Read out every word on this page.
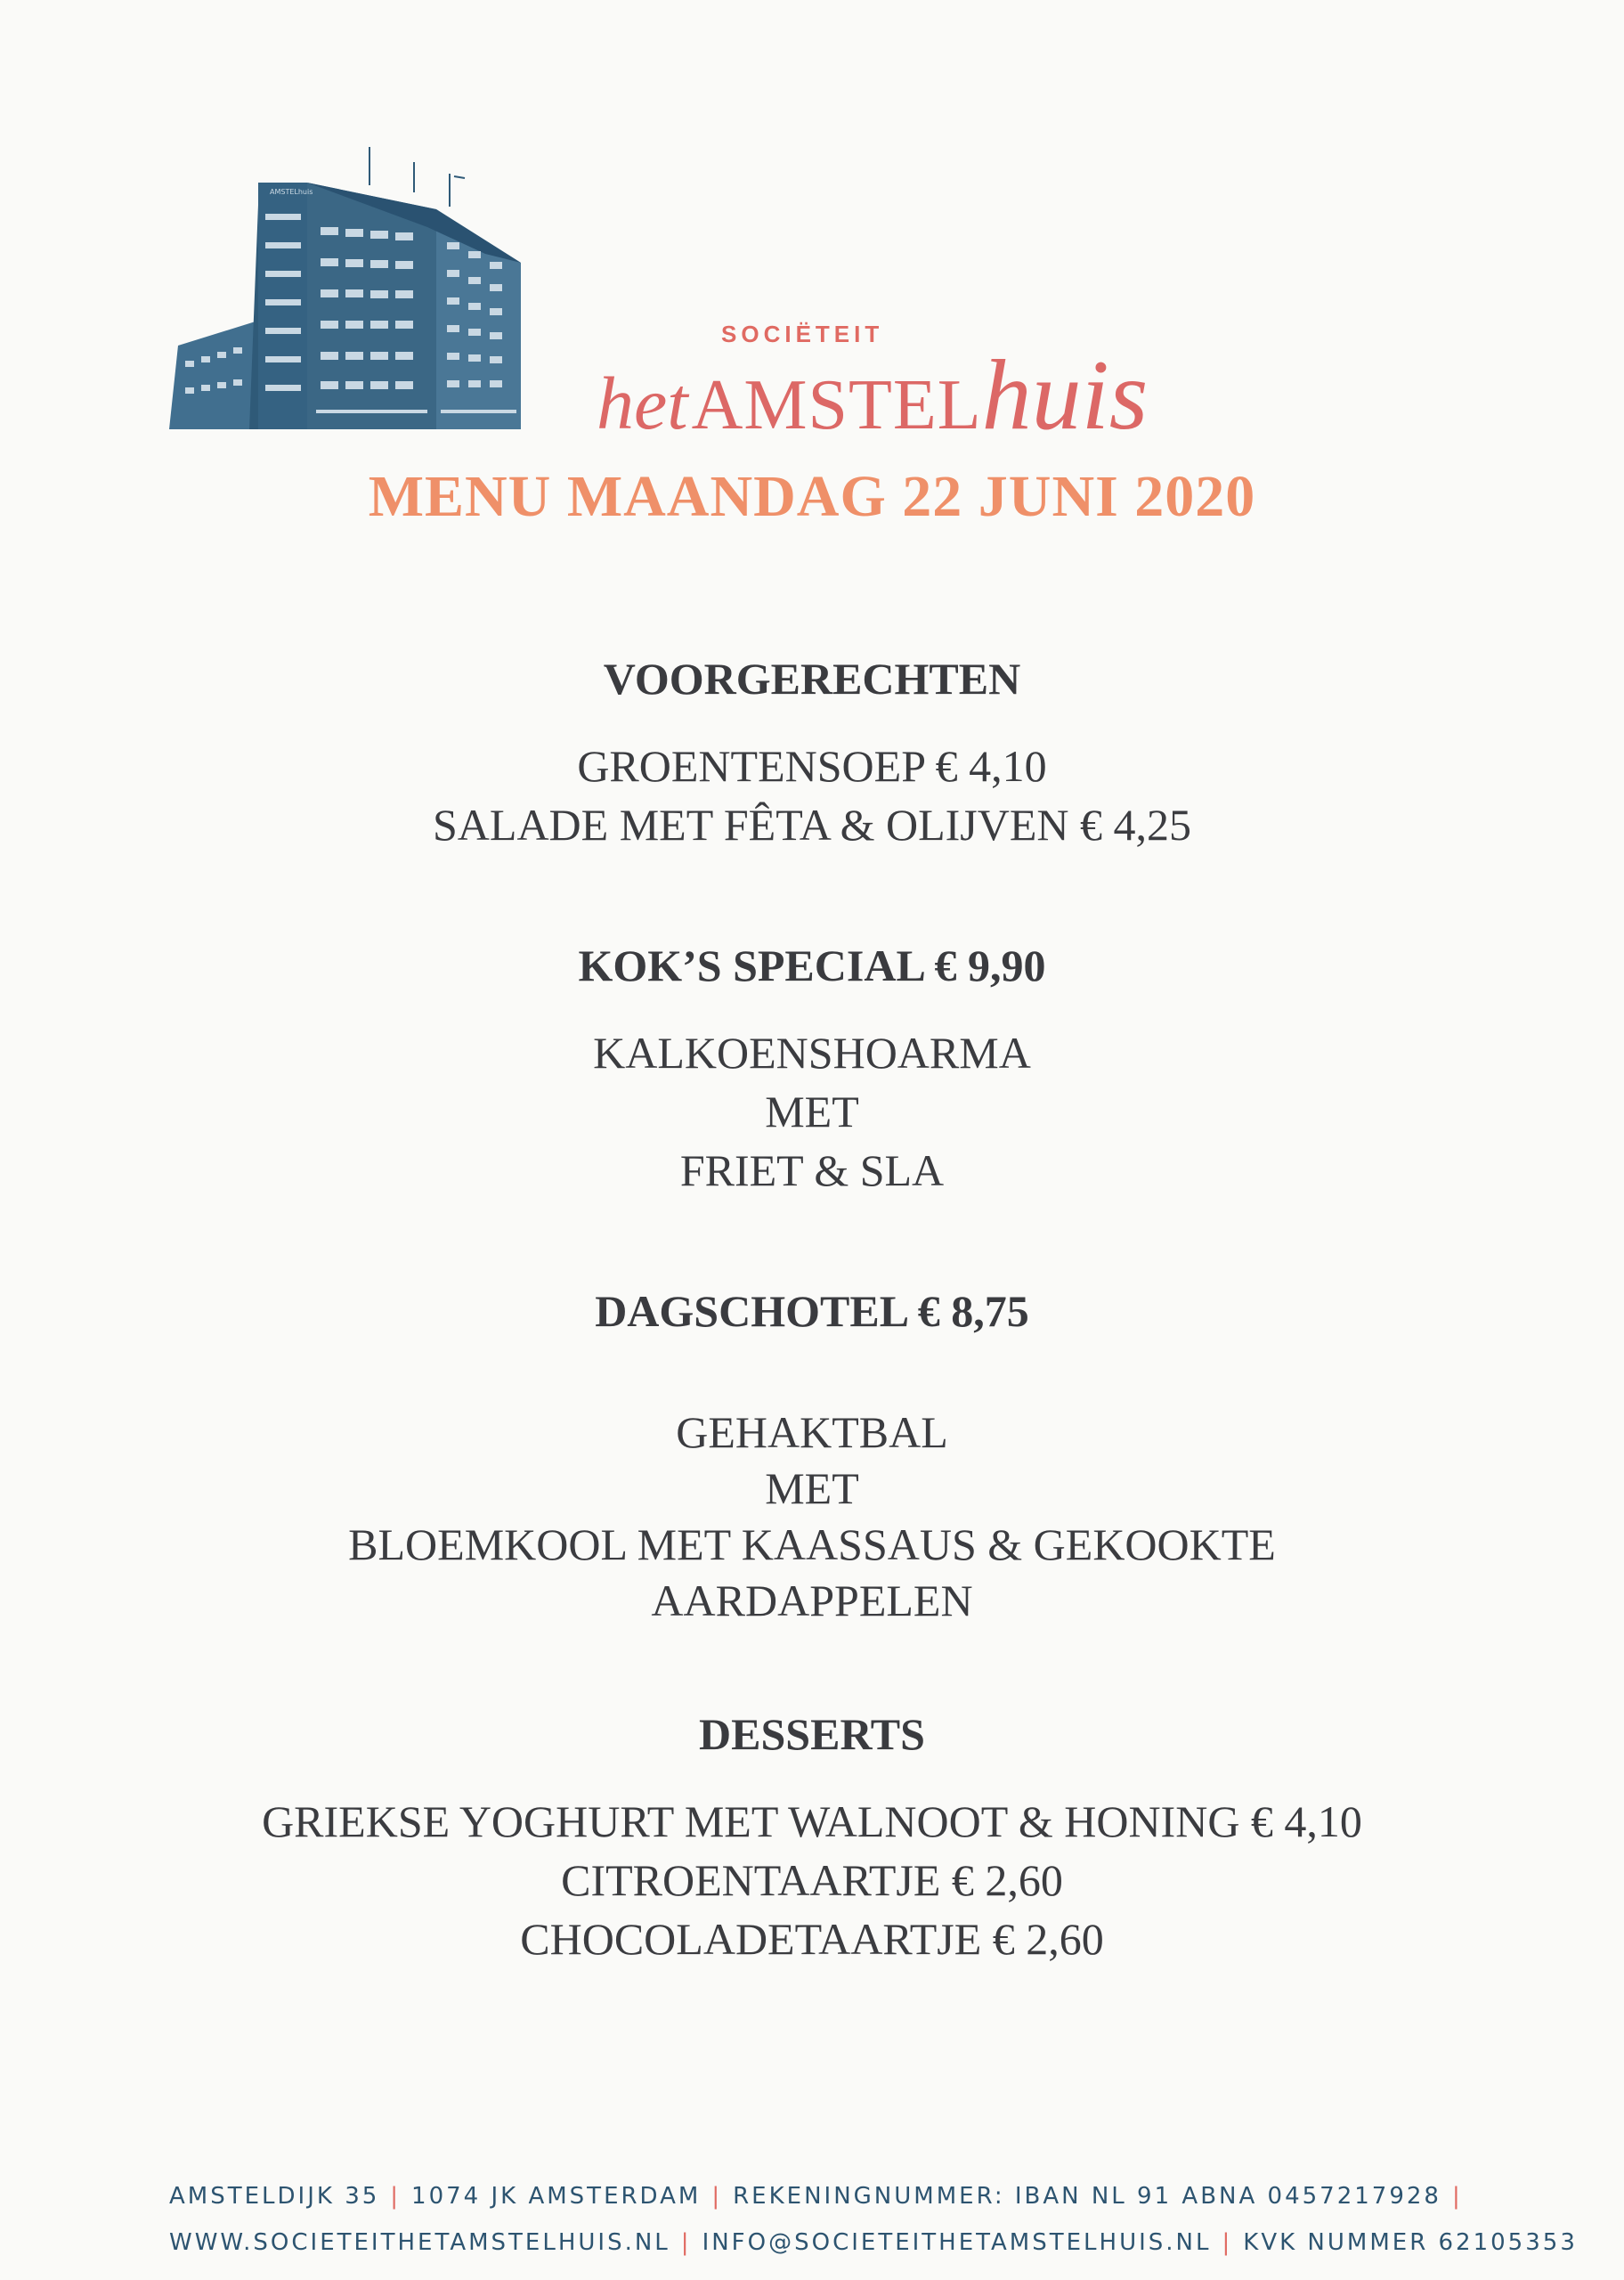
AMSTELhuis
SOCIËTEIT
het AMSTELhuis
MENU MAANDAG 22 JUNI 2020
VOORGERECHTEN
GROENTENSOEP € 4,10
SALADE MET FÊTA & OLIJVEN € 4,25
KOK’S SPECIAL € 9,90
KALKOENSHOARMA
MET
FRIET & SLA
DAGSCHOTEL € 8,75
GEHAKTBAL
MET
BLOEMKOOL MET KAASSAUS & GEKOOKTE
AARDAPPELEN
DESSERTS
GRIEKSE YOGHURT MET WALNOOT & HONING € 4,10
CITROENTAARTJE € 2,60
CHOCOLADETAARTJE € 2,60
AMSTELDIJK 35 | 1074 JK AMSTERDAM | REKENINGNUMMER: IBAN NL 91 ABNA 0457217928 |
WWW.SOCIETEITHETAMSTELHUIS.NL | INFO@SOCIETEITHETAMSTELHUIS.NL | KVK NUMMER 62105353
